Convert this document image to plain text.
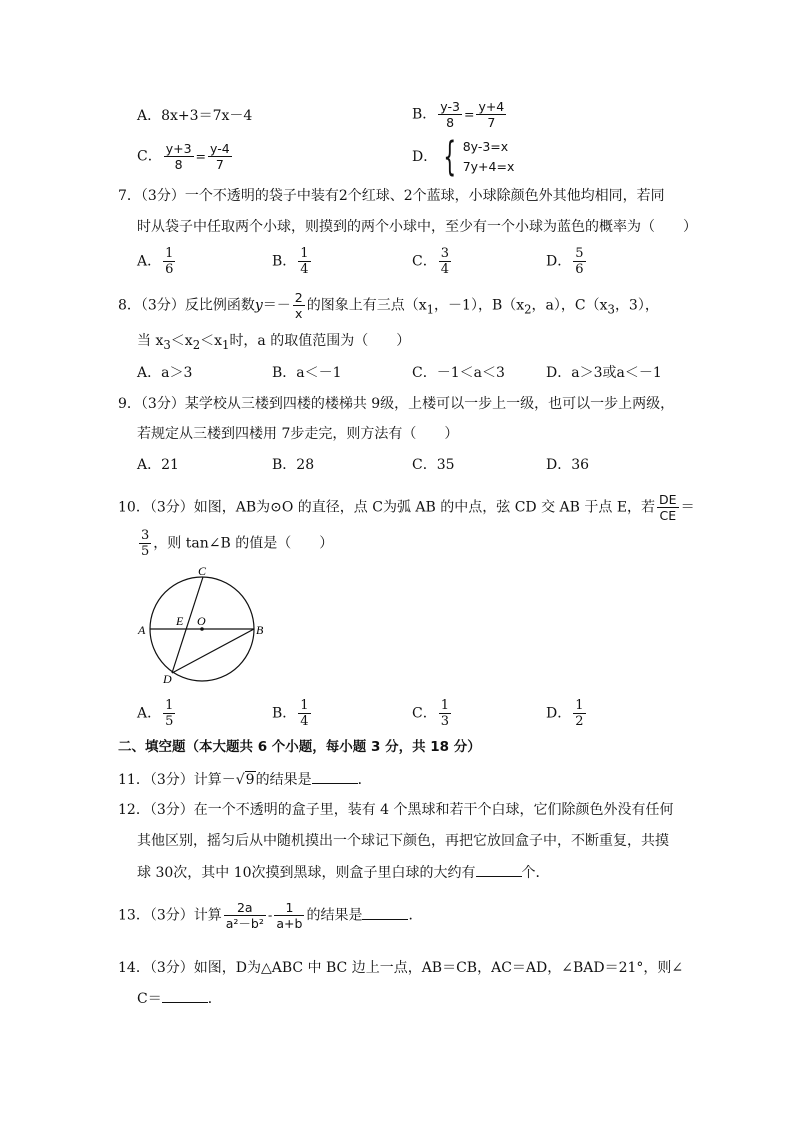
A．8x+3＝7x－4	B． $\frac{y-3}{8} = \frac{y+4}{7}$
C． $\frac{y+3}{8} = \frac{y-4}{7}$	D． { 8y-3=x
7y+4=x
7．（3分）一个不透明的袋子中装有2个红球、2个蓝球，小球除颜色外其他均相同，若同
时从袋子中任取两个小球，则摸到的两个小球中，至少有一个小球为蓝色的概率为（　　）
A． $\frac{1}{6}$	B． $\frac{1}{4}$	C． $\frac{3}{4}$	D． $\frac{5}{6}$
8．（3分）反比例函数$y=- \frac{2}{x}$ 的图象上有三点（$x_1$，－1），$B(x_2$，a），$C(x_3$，3），
当 $x_3<x_2<x_1$时，a 的取值范围为（　　）
A．a＞3	B．a＜－1	C．－1＜a＜3	D．a＞3或a＜－1
9．（3分）某学校从三楼到四楼的楼梯共 9级，上楼可以一步上一级，也可以一步上两级，
若规定从三楼到四楼用 7步走完，则方法有（　　）
A．21	B．28	C．35	D．36
10．（3分）如图，AB为⊙O 的直径，点 C为弧 AB 的中点，弦 CD 交 AB 于点 E，若 $\frac{DE}{CE}$ ＝
$\frac{3}{5}$ ，则 tan∠B 的值是（　　）
C
A
E O
B
D
A． $\frac{1}{5}$	B． $\frac{1}{4}$	C． $\frac{1}{3}$	D． $\frac{1}{2}$
二、填空题（本大题共 6 个小题，每小题 3 分，共 18 分）
11．（3分）计算－√9的结果是	．
12．（3分）在一个不透明的盒子里，装有 4 个黑球和若干个白球，它们除颜色外没有任何
其他区别，摇匀后从中随机摸出一个球记下颜色，再把它放回盒子中，不断重复，共摸
球 30次，其中 10次摸到黑球，则盒子里白球的大约有	个．
13．（3分）计算 $\frac{2a}{\text{a²－b²}} - \frac{1}{a+b}$ 的结果是	．
14．（3分）如图，D为△ABC 中 BC 边上一点，AB＝CB，AC＝AD，∠BAD＝21°，则∠
C＝	．
